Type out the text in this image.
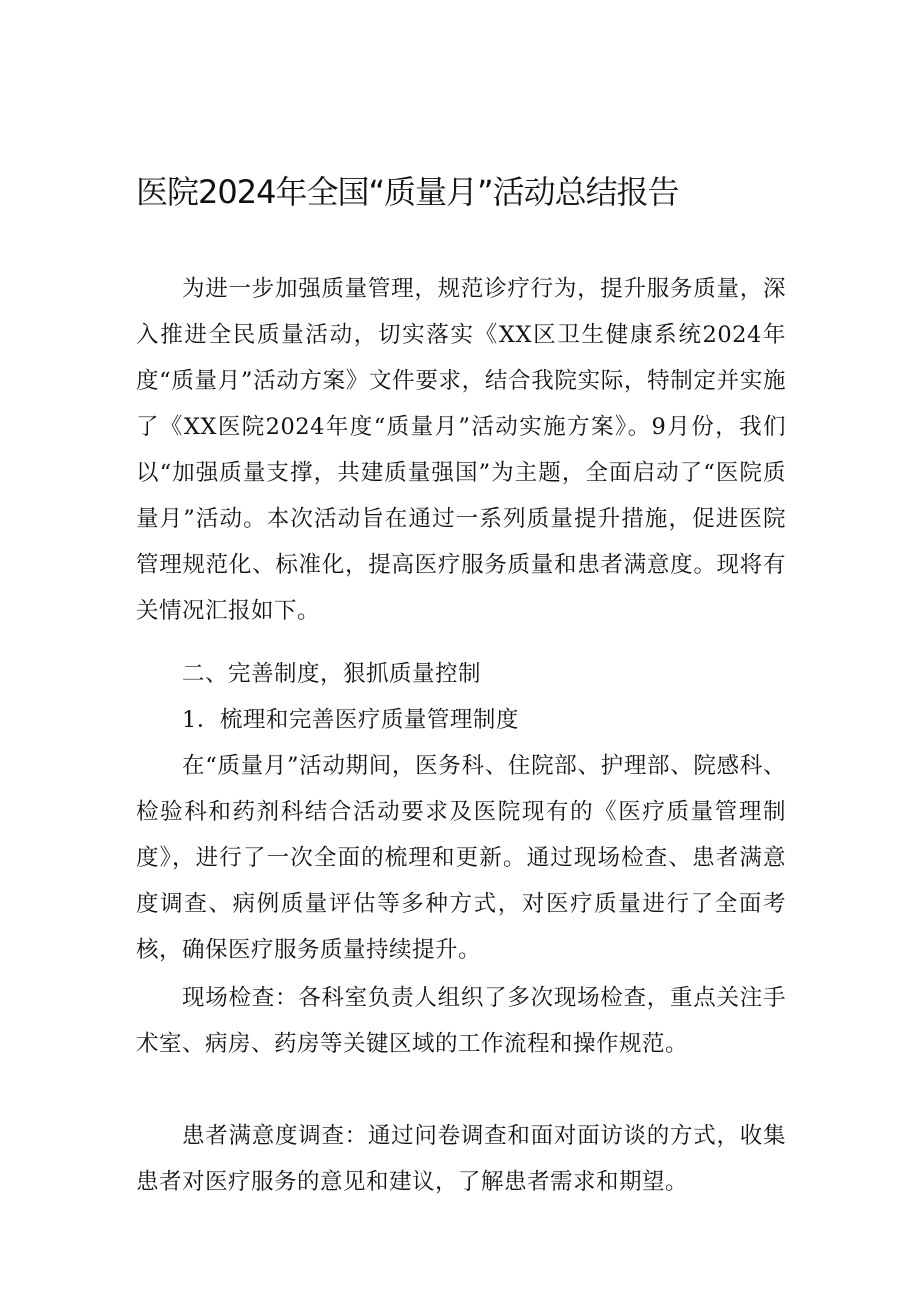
医院2024年全国“质量月”活动总结报告

为进一步加强质量管理，规范诊疗行为，提升服务质量，深入推进全民质量活动，切实落实《XX区卫生健康系统2024年度“质量月”活动方案》文件要求，结合我院实际，特制定并实施了《XX医院2024年度“质量月”活动实施方案》。9月份，我们以“加强质量支撑，共建质量强国”为主题，全面启动了“医院质量月”活动。本次活动旨在通过一系列质量提升措施，促进医院管理规范化、标准化，提高医疗服务质量和患者满意度。现将有关情况汇报如下。

二、完善制度，狠抓质量控制

1．梳理和完善医疗质量管理制度

在“质量月”活动期间，医务科、住院部、护理部、院感科、检验科和药剂科结合活动要求及医院现有的《医疗质量管理制度》，进行了一次全面的梳理和更新。通过现场检查、患者满意度调查、病例质量评估等多种方式，对医疗质量进行了全面考核，确保医疗服务质量持续提升。

现场检查：各科室负责人组织了多次现场检查，重点关注手术室、病房、药房等关键区域的工作流程和操作规范。

患者满意度调查：通过问卷调查和面对面访谈的方式，收集患者对医疗服务的意见和建议，了解患者需求和期望。
